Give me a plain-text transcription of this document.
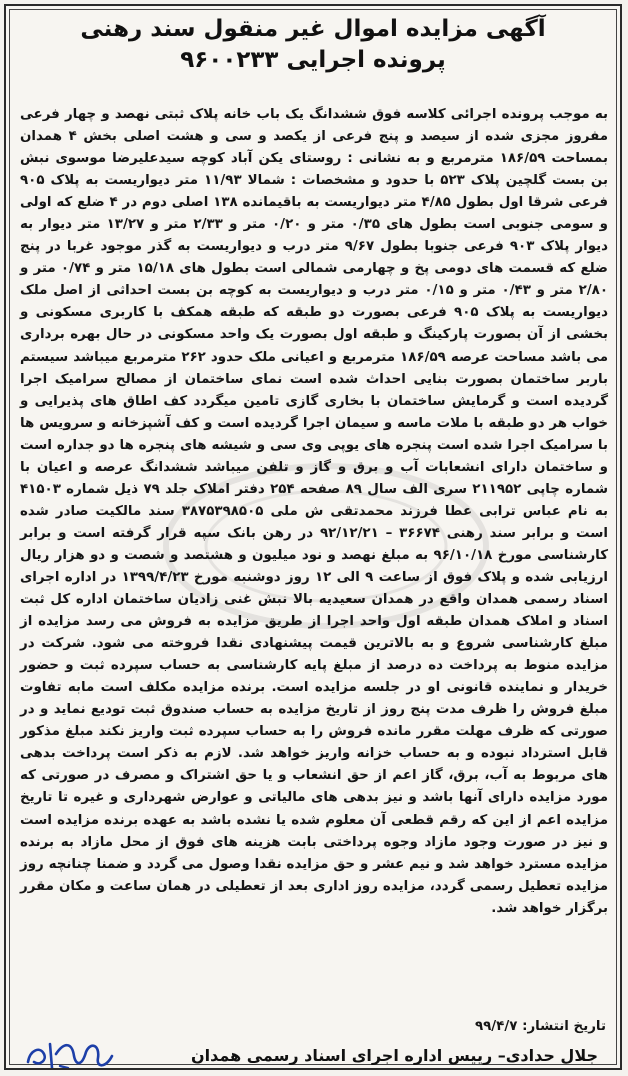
آگهی مزایده اموال غیر منقول سند رهنی
پرونده اجرایی ۹۶۰۰۲۳۳

به موجب پرونده اجرائی کلاسه فوق ششدانگ یک باب خانه پلاک ثبتی نهصد و چهار فرعی مفروز مجزی شده از سیصد و پنج فرعی از یکصد و سی و هشت اصلی بخش ۴ همدان بمساحت ۱۸۶/۵۹ مترمربع و به نشانی : روستای یکن آباد کوچه سیدعلیرضا موسوی نبش بن بست گلچین پلاک ۵۲۳ با حدود و مشخصات : شمالا ۱۱/۹۳ متر دیواریست به پلاک ۹۰۵ فرعی شرقا اول بطول ۴/۸۵ متر دیواریست به باقیمانده ۱۳۸ اصلی دوم در ۴ ضلع که اولی و سومی جنوبی است بطول های ۰/۳۵ متر و ۰/۲۰ متر و ۲/۳۳ متر و ۱۳/۲۷ متر دیوار به دیوار پلاک ۹۰۳ فرعی جنوبا بطول ۹/۶۷ متر درب و دیواریست به گذر موجود غربا در پنج ضلع که قسمت های دومی پخ و چهارمی شمالی است بطول های ۱۵/۱۸ متر و ۰/۷۴ متر و ۲/۸۰ متر و ۰/۴۳ متر و ۰/۱۵ متر درب و دیواریست به کوچه بن بست احداثی از اصل ملک دیواریست به پلاک ۹۰۵ فرعی بصورت دو طبقه که طبقه همکف با کاربری مسکونی و بخشی از آن بصورت پارکینگ و طبقه اول بصورت یک واحد مسکونی در حال بهره برداری می باشد مساحت عرصه ۱۸۶/۵۹ مترمربع و اعیانی ملک حدود ۲۶۲ مترمربع میباشد سیستم باربر ساختمان بصورت بنایی احداث شده است نمای ساختمان از مصالح سرامیک اجرا گردیده است و گرمایش ساختمان با بخاری گازی تامین میگردد کف اطاق های پذیرایی و خواب هر دو طبقه با ملات ماسه و سیمان اجرا گردیده است و کف آشپزخانه و سرویس ها با سرامیک اجرا شده است پنجره های یوپی وی سی و شیشه های پنجره ها دو جداره است و ساختمان دارای انشعابات آب و برق و گاز و تلفن میباشد ششدانگ عرصه و اعیان با شماره چاپی ۲۱۱۹۵۲ سری الف سال ۸۹ صفحه ۲۵۴ دفتر املاک جلد ۷۹ ذیل شماره ۴۱۵۰۳ به نام عباس ترابی عطا فرزند محمدتقی ش ملی ۳۸۷۵۳۹۸۵۰۵ سند مالکیت صادر شده است و برابر سند رهنی ۳۶۶۷۴ – ۹۲/۱۲/۲۱ در رهن بانک سپه قرار گرفته است و برابر کارشناسی مورخ ۹۶/۱۰/۱۸ به مبلغ نهصد و نود میلیون و هشتصد و شصت و دو هزار ریال ارزیابی شده و پلاک فوق از ساعت ۹ الی ۱۲ روز دوشنبه مورخ ۱۳۹۹/۴/۲۳ در اداره اجرای اسناد رسمی همدان واقع در همدان سعیدیه بالا نبش غنی زادیان ساختمان اداره کل ثبت اسناد و املاک همدان طبقه اول واحد اجرا از طریق مزایده به فروش می رسد مزایده از مبلغ کارشناسی شروع و به بالاترین قیمت پیشنهادی نقدا فروخته می شود. شرکت در مزایده منوط به پرداخت ده درصد از مبلغ پایه کارشناسی به حساب سپرده ثبت و حضور خریدار و نماینده قانونی او در جلسه مزایده است. برنده مزایده مکلف است مابه تفاوت مبلغ فروش را ظرف مدت پنج روز از تاریخ مزایده به حساب صندوق ثبت تودیع نماید و در صورتی که ظرف مهلت مقرر مانده فروش را به حساب سپرده ثبت واریز نکند مبلغ مذکور قابل استرداد نبوده و به حساب خزانه واریز خواهد شد. لازم به ذکر است پرداخت بدهی های مربوط به آب، برق، گاز اعم از حق انشعاب و یا حق اشتراک و مصرف در صورتی که مورد مزایده دارای آنها باشد و نیز بدهی های مالیاتی و عوارض شهرداری و غیره تا تاریخ مزایده اعم از این که رقم قطعی آن معلوم شده یا نشده باشد به عهده برنده مزایده است و نیز در صورت وجود مازاد وجوه پرداختی بابت هزینه های فوق از محل مازاد به برنده مزایده مسترد خواهد شد و نیم عشر و حق مزایده نقدا وصول می گردد و ضمنا چنانچه روز مزایده تعطیل رسمی گردد، مزایده روز اداری بعد از تعطیلی در همان ساعت و مکان مقرر برگزار خواهد شد.

تاریخ انتشار: ۹۹/۴/۷
جلال حدادی– رییس اداره اجرای اسناد رسمی همدان
